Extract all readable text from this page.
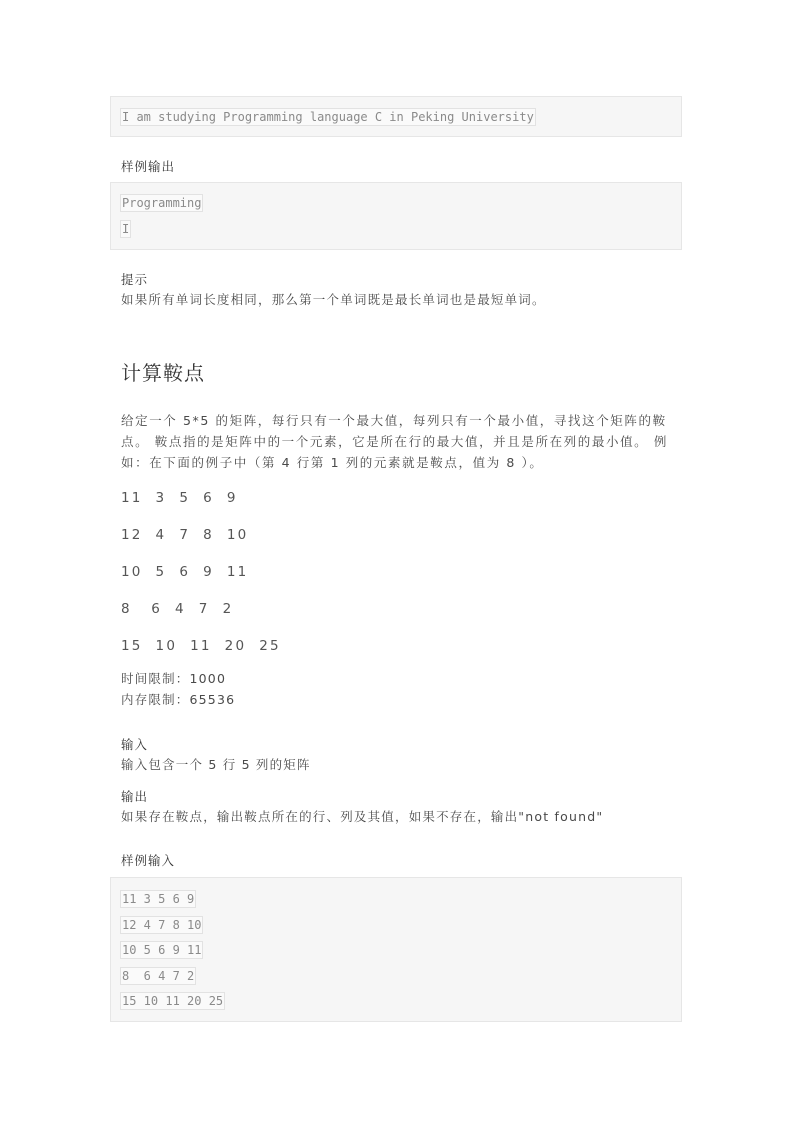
I am studying Programming language C in Peking University
样例输出
Programming
I
提示
如果所有单词长度相同，那么第一个单词既是最长单词也是最短单词。
计算鞍点

给定一个 5*5 的矩阵，每行只有一个最大值，每列只有一个最小值，寻找这个矩阵的鞍

点。 鞍点指的是矩阵中的一个元素，它是所在行的最大值，并且是所在列的最小值。 例

如：在下面的例子中（第 4 行第 1 列的元素就是鞍点，值为 8 ）。

11  3  5  6  9
12  4  7  8  10
10  5  6  9  11
8   6  4  7  2
15  10  11  20  25
时间限制：1000
内存限制：65536
输入
输入包含一个 5 行 5 列的矩阵
输出
如果存在鞍点，输出鞍点所在的行、列及其值，如果不存在，输出"not found"
样例输入
11 3 5 6 9
12 4 7 8 10
10 5 6 9 11
8  6 4 7 2
15 10 11 20 25
